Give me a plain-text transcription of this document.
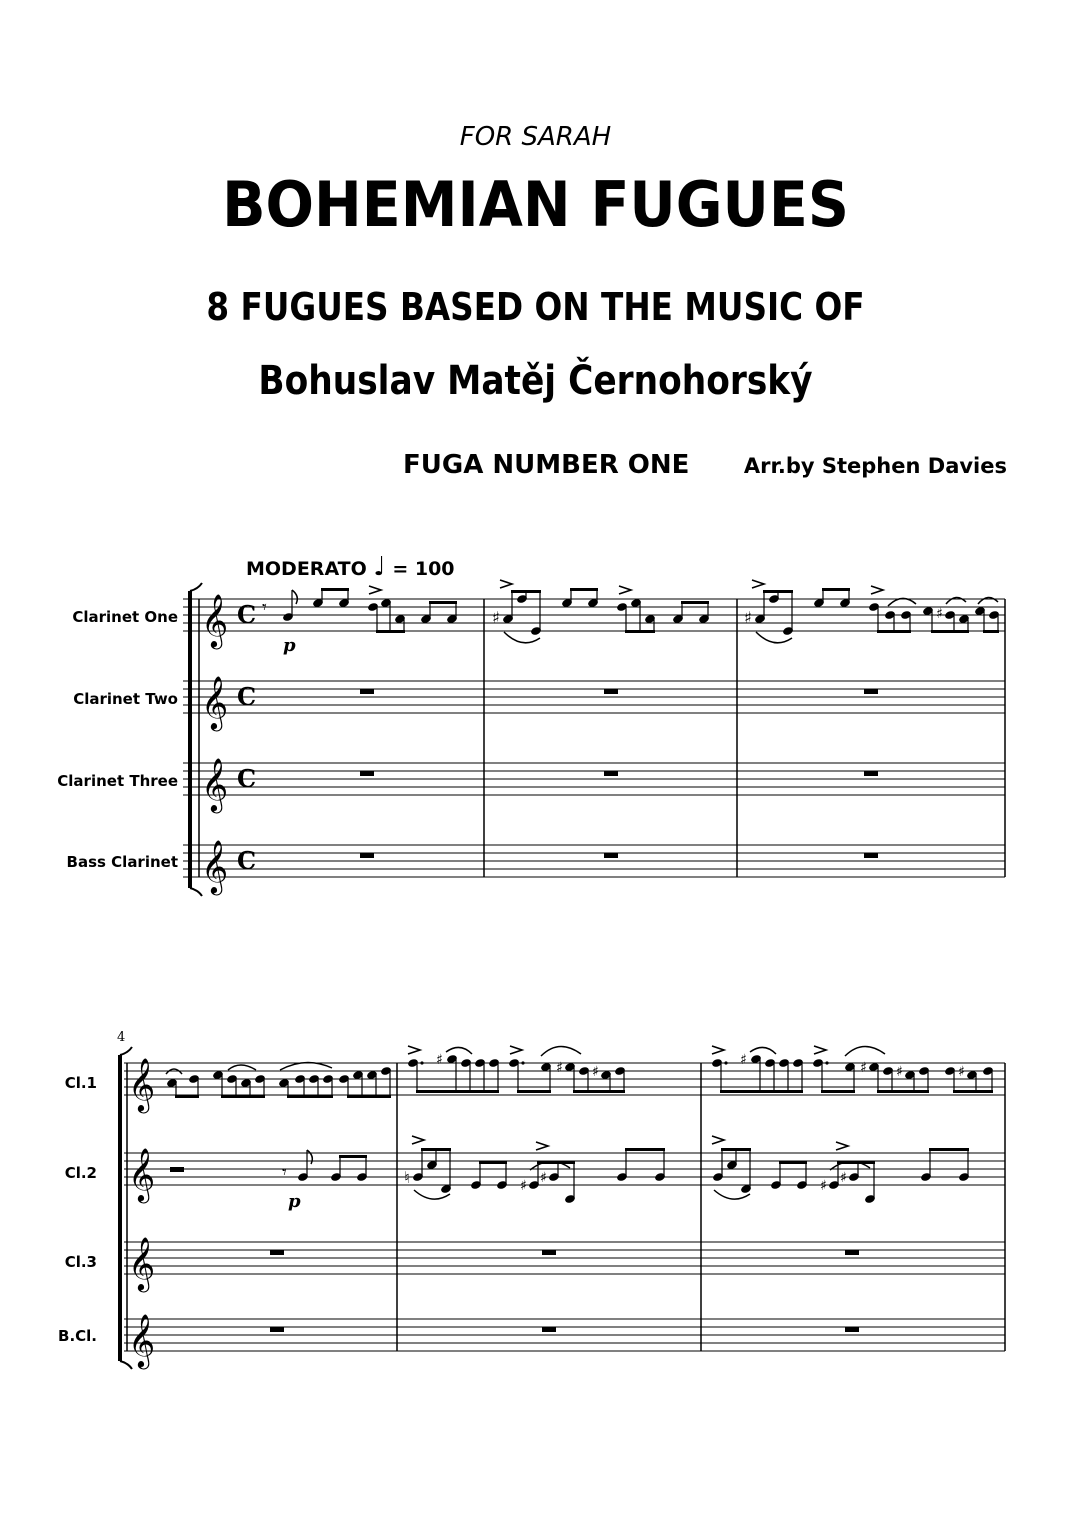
FOR SARAH
BOHEMIAN FUGUES
8 FUGUES BASED ON THE MUSIC OF
Bohuslav Matěj Černohorský
FUGA NUMBER ONE	Arr.by Stephen Davies
MODERATO ♩ = 100
Clarinet One
Clarinet Two
Clarinet Three
Bass Clarinet
4
Cl.1
Cl.2
Cl.3
B.Cl.
𝄞
𝄞
𝄞
𝄞
C
C
C
C
𝄾
p
♯	♯	♯
𝄞
𝄞
𝄞
𝄞
♯	♯ ♯
♯	♯ ♯	♯
𝄾
p
♮	♯ ♯	♯ ♯
